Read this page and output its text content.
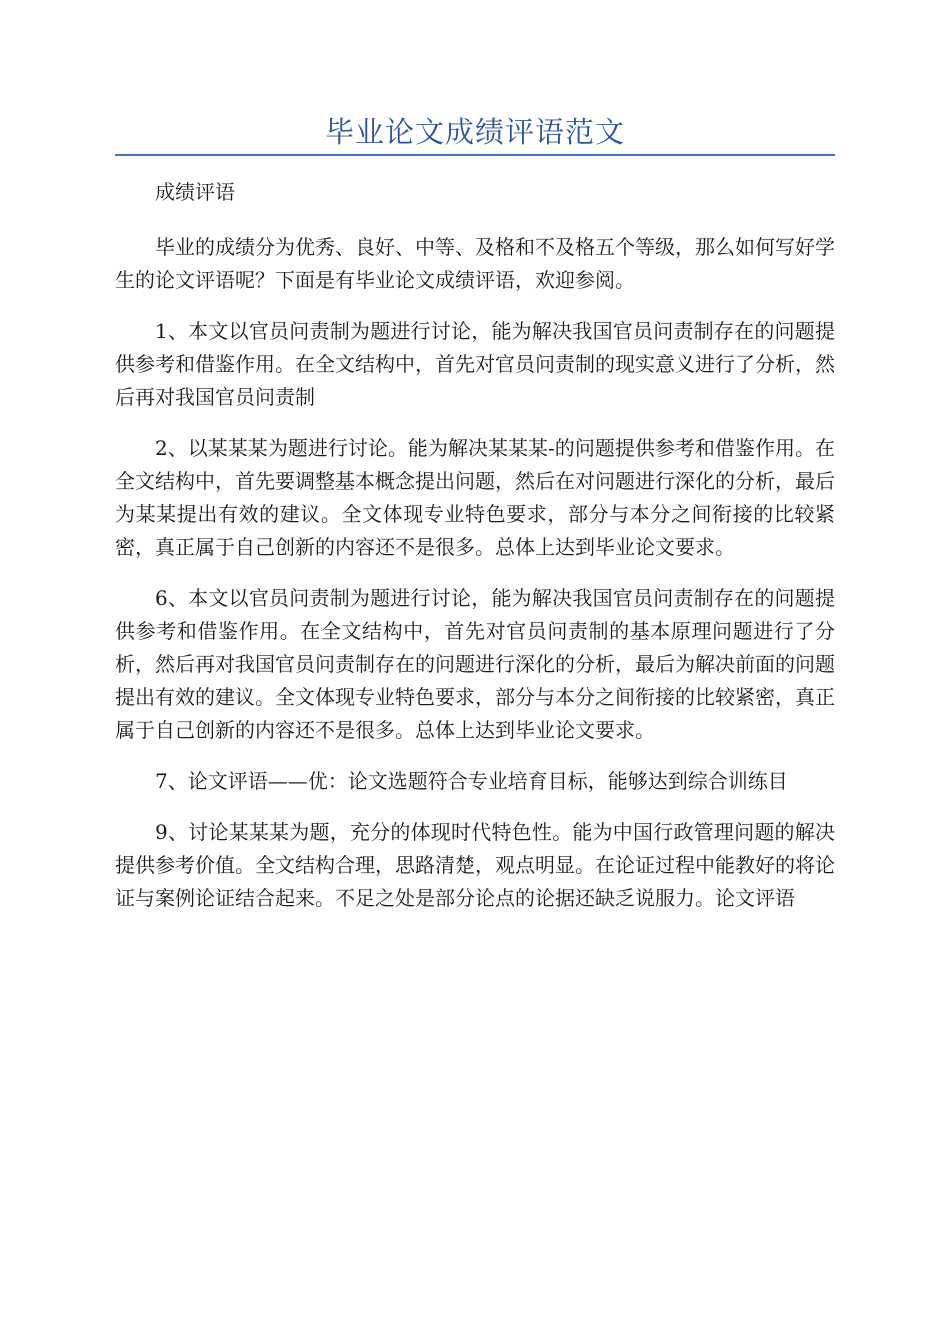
毕业论文成绩评语范文

成绩评语

毕业的成绩分为优秀、良好、中等、及格和不及格五个等级，那么如何写好学生的论文评语呢？下面是有毕业论文成绩评语，欢迎参阅。

1、本文以官员问责制为题进行讨论，能为解决我国官员问责制存在的问题提供参考和借鉴作用。在全文结构中，首先对官员问责制的现实意义进行了分析，然后再对我国官员问责制

2、以某某某为题进行讨论。能为解决某某某-的问题提供参考和借鉴作用。在全文结构中，首先要调整基本概念提出问题，然后在对问题进行深化的分析，最后为某某提出有效的建议。全文体现专业特色要求，部分与本分之间衔接的比较紧密，真正属于自己创新的内容还不是很多。总体上达到毕业论文要求。

6、本文以官员问责制为题进行讨论，能为解决我国官员问责制存在的问题提供参考和借鉴作用。在全文结构中，首先对官员问责制的基本原理问题进行了分析，然后再对我国官员问责制存在的问题进行深化的分析，最后为解决前面的问题提出有效的建议。全文体现专业特色要求，部分与本分之间衔接的比较紧密，真正属于自己创新的内容还不是很多。总体上达到毕业论文要求。

7、论文评语——优：论文选题符合专业培育目标，能够达到综合训练目

9、讨论某某某为题，充分的体现时代特色性。能为中国行政管理问题的解决提供参考价值。全文结构合理，思路清楚，观点明显。在论证过程中能教好的将论证与案例论证结合起来。不足之处是部分论点的论据还缺乏说服力。论文评语
